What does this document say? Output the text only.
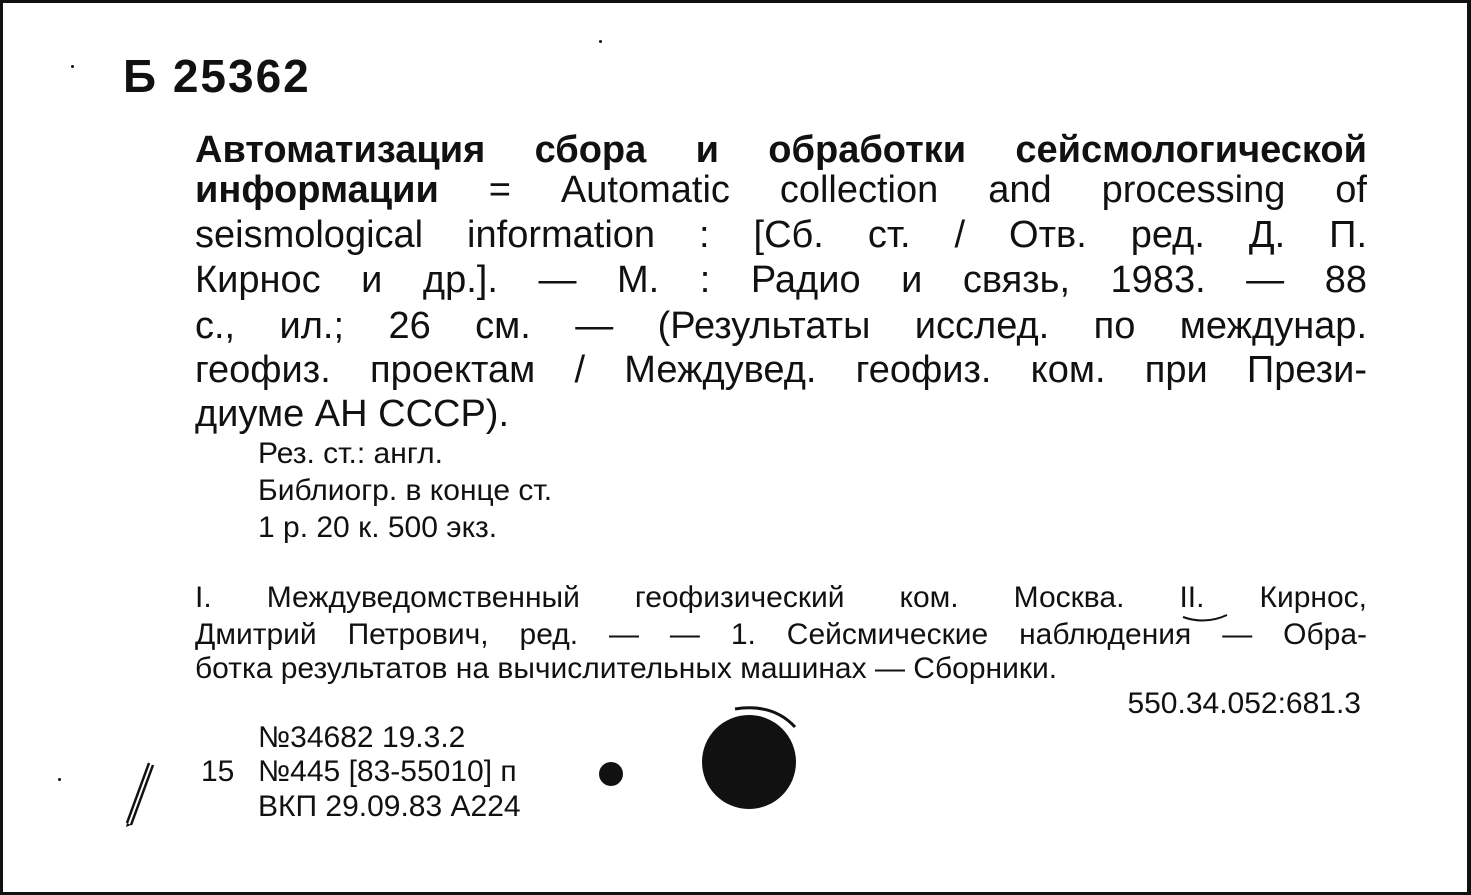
Б 25362
Автоматизация сбора и обработки сейсмологической
информации = Automatic collection and processing of
seismological information : [Сб. ст. / Отв. ред. Д. П.
Кирнос и др.]. — М. : Радио и связь, 1983. — 88
с., ил.; 26 см. — (Результаты исслед. по междунар.
геофиз. проектам / Междувед. геофиз. ком. при Прези-
диуме АН СССР).
Рез. ст.: англ.
Библиогр. в конце ст.
1 р. 20 к. 500 экз.
I. Междуведомственный геофизический ком. Москва. II. Кирнос,
Дмитрий Петрович, ред. — — 1. Сейсмические наблюдения — Обра-
ботка результатов на вычислительных машинах — Сборники.
550.34.052:681.3
№34682 19.3.2
15 №445 [83-55010] п
ВКП 29.09.83 А224
